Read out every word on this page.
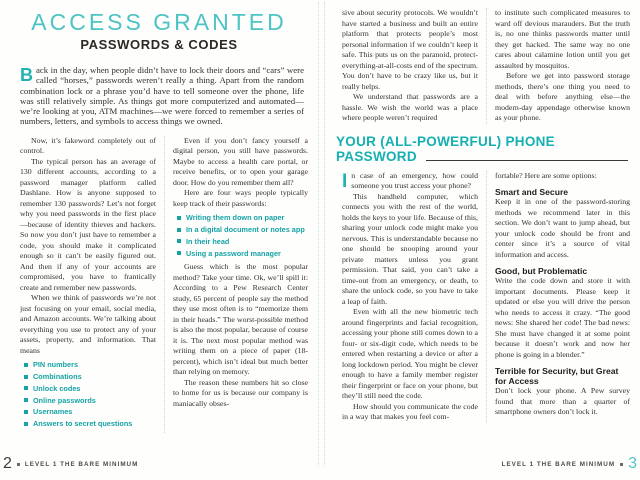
ACCESS GRANTED
PASSWORDS & CODES

Back in the day, when people didn’t have to lock their doors and “cars” were called “horses,” passwords weren’t really a thing. Apart from the random combination lock or a phrase you’d have to tell someone over the phone, life was still relatively simple. As things got more computerized and automated—we’re looking at you, ATM machines—we were forced to remember a series of numbers, letters, and symbols to access things we owned.

Now, it’s fakeword completely out of control.

The typical person has an average of 130 different accounts, according to a password manager platform called Dashlane. How is anyone supposed to remember 130 passwords? Let’s not forget why you need passwords in the first place—because of identity thieves and hackers. So now you don’t just have to remember a code, you should make it complicated enough so it can’t be easily figured out. And then if any of your accounts are compromised, you have to frantically create and remember new passwords.

When we think of passwords we’re not just focusing on your email, social media, and Amazon accounts. We’re talking about everything you use to protect any of your assets, property, and information. That means

PIN numbers
Combinations
Unlock codes
Online passwords
Usernames
Answers to secret questions

Even if you don’t fancy yourself a digital person, you still have passwords. Maybe to access a health care portal, or receive benefits, or to open your garage door. How do you remember them all?

Here are four ways people typically keep track of their passwords:

Writing them down on paper
In a digital document or notes app
In their head
Using a password manager

Guess which is the most popular method? Take your time. Ok, we’ll spill it: According to a Pew Research Center study, 65 percent of people say the method they use most often is to “memorize them in their heads.” The worst-possible method is also the most popular, because of course it is. The next most popular method was writing them on a piece of paper (18-percent), which isn’t ideal but much better than relying on memory.

The reason these numbers hit so close to home for us is because our company is maniacally obses-

2 LEVEL 1 THE BARE MINIMUM

sive about security protocols. We wouldn’t have started a business and built an entire platform that protects people’s most personal information if we couldn’t keep it safe. This puts us on the paranoid, protect-everything-at-all-costs end of the spectrum. You don’t have to be crazy like us, but it really helps.

We understand that passwords are a hassle. We wish the world was a place where people weren’t required

to institute such complicated measures to ward off devious marauders. But the truth is, no one thinks passwords matter until they get hacked. The same way no one cares about calamine lotion until you get assaulted by mosquitos.

Before we get into password storage methods, there’s one thing you need to deal with before anything else—the modern-day appendage otherwise known as your phone.

YOUR (ALL-POWERFUL) PHONE PASSWORD

In case of an emergency, how could someone you trust access your phone?

This handheld computer, which connects you with the rest of the world, holds the keys to your life. Because of this, sharing your unlock code might make you nervous. This is understandable because no one should be snooping around your private matters unless you grant permission. That said, you can’t take a time-out from an emergency, or death, to share the unlock code, so you have to take a leap of faith.

Even with all the new biometric tech around fingerprints and facial recognition, accessing your phone still comes down to a four- or six-digit code, which needs to be entered when restarting a device or after a long lockdown period. You might be clever enough to have a family member register their fingerprint or face on your phone, but they’ll still need the code.

How should you communicate the code in a way that makes you feel com-

fortable? Here are some options:

Smart and Secure

Keep it in one of the password-storing methods we recommend later in this section. We don’t want to jump ahead, but your unlock code should be front and center since it’s a source of vital information and access.

Good, but Problematic

Write the code down and store it with important documents. Please keep it updated or else you will drive the person who needs to access it crazy. “The good news: She shared her code! The bad news: She must have changed it at some point because it doesn’t work and now her phone is going in a blender.”

Terrible for Security, but Great for Access

Don’t lock your phone. A Pew survey found that more than a quarter of smartphone owners don’t lock it.

LEVEL 1 THE BARE MINIMUM 3
